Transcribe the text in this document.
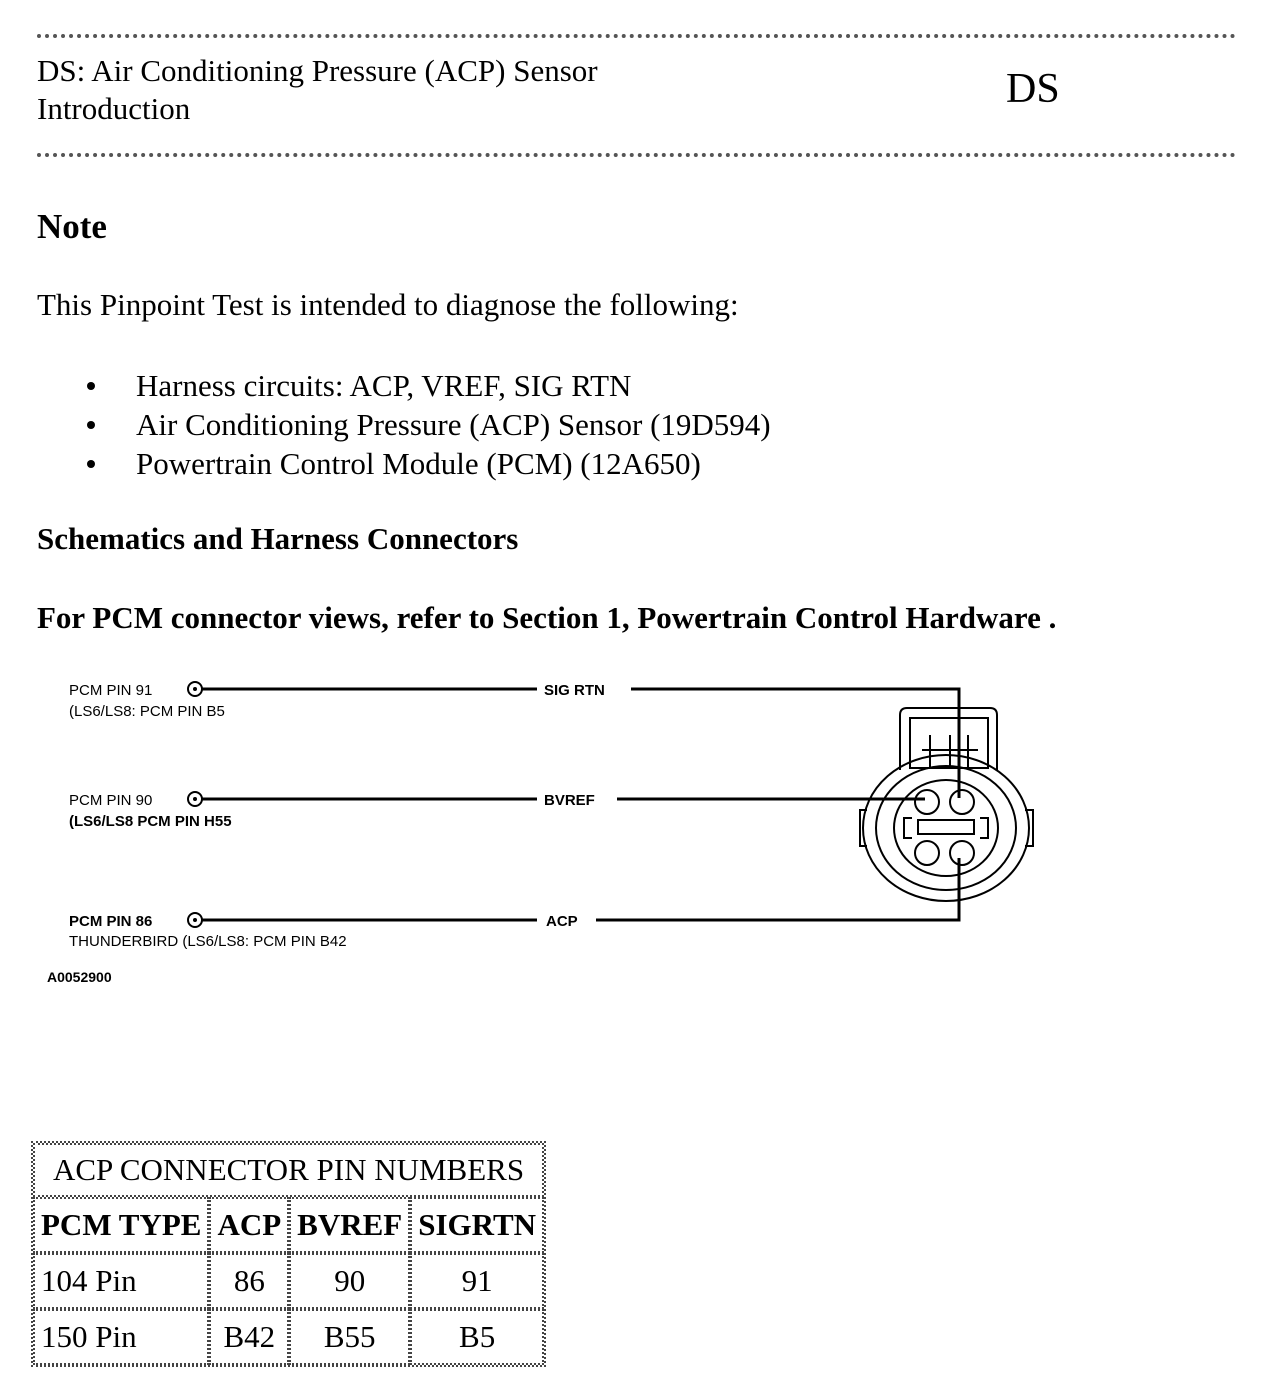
DS: Air Conditioning Pressure (ACP) Sensor
Introduction	DS
Note
This Pinpoint Test is intended to diagnose the following:
Harness circuits: ACP, VREF, SIG RTN
Air Conditioning Pressure (ACP) Sensor (19D594)
Powertrain Control Module (PCM) (12A650)
Schematics and Harness Connectors
For PCM connector views, refer to Section 1, Powertrain Control Hardware .
PCM PIN 91
(LS6/LS8: PCM PIN B5
SIG RTN
PCM PIN 90
(LS6/LS8 PCM PIN H55
BVREF
PCM PIN 86
THUNDERBIRD (LS6/LS8: PCM PIN B42
ACP
A0052900
ACP CONNECTOR PIN NUMBERS			
PCM TYPE	ACP	BVREF	SIGRTN
104 Pin	86	90	91
150 Pin	B42	B55	B5
